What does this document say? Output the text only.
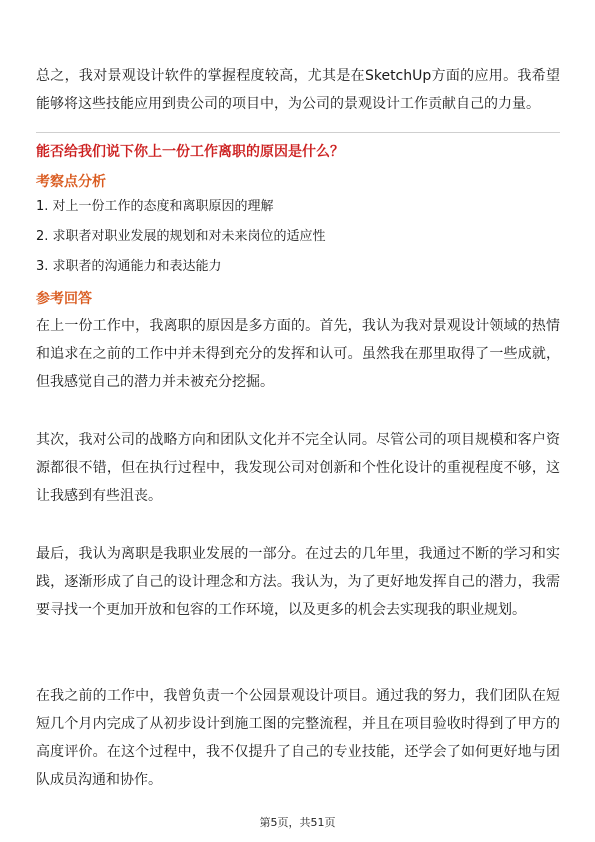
总之，我对景观设计软件的掌握程度较高，尤其是在SketchUp方面的应用。我希望能够将这些技能应用到贵公司的项目中，为公司的景观设计工作贡献自己的力量。

能否给我们说下你上一份工作离职的原因是什么？

考察点分析

1. 对上一份工作的态度和离职原因的理解

2. 求职者对职业发展的规划和对未来岗位的适应性

3. 求职者的沟通能力和表达能力

参考回答

在上一份工作中，我离职的原因是多方面的。首先，我认为我对景观设计领域的热情和追求在之前的工作中并未得到充分的发挥和认可。虽然我在那里取得了一些成就，但我感觉自己的潜力并未被充分挖掘。

其次，我对公司的战略方向和团队文化并不完全认同。尽管公司的项目规模和客户资源都很不错，但在执行过程中，我发现公司对创新和个性化设计的重视程度不够，这让我感到有些沮丧。

最后，我认为离职是我职业发展的一部分。在过去的几年里，我通过不断的学习和实践，逐渐形成了自己的设计理念和方法。我认为，为了更好地发挥自己的潜力，我需要寻找一个更加开放和包容的工作环境，以及更多的机会去实现我的职业规划。

在我之前的工作中，我曾负责一个公园景观设计项目。通过我的努力，我们团队在短短几个月内完成了从初步设计到施工图的完整流程，并且在项目验收时得到了甲方的高度评价。在这个过程中，我不仅提升了自己的专业技能，还学会了如何更好地与团队成员沟通和协作。

第5页，共51页
